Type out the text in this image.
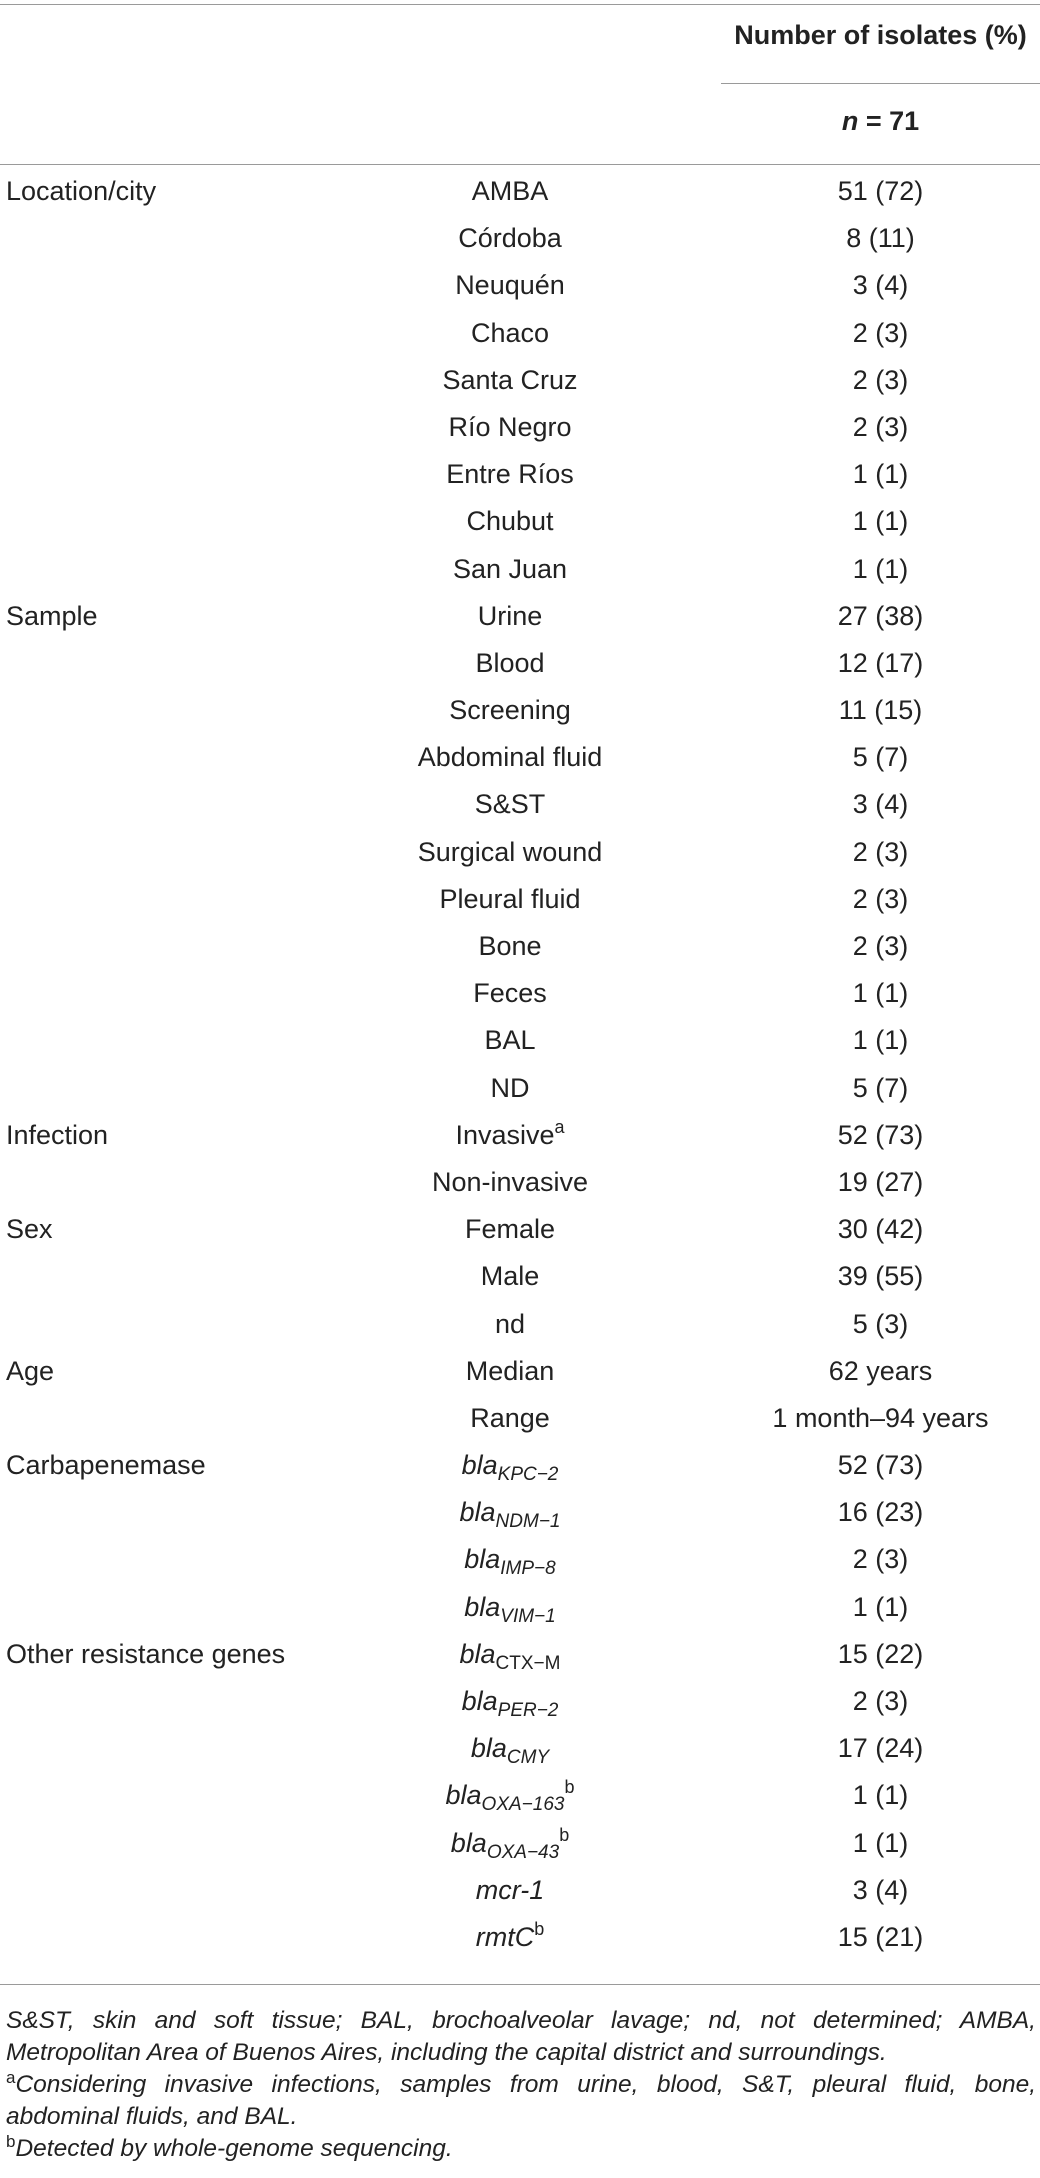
Number of isolates (%)
n = 71
Location/city	AMBA	51 (72)
Córdoba	8 (11)
Neuquén	3 (4)
Chaco	2 (3)
Santa Cruz	2 (3)
Río Negro	2 (3)
Entre Ríos	1 (1)
Chubut	1 (1)
San Juan	1 (1)
Sample	Urine	27 (38)
Blood	12 (17)
Screening	11 (15)
Abdominal fluid	5 (7)
S&ST	3 (4)
Surgical wound	2 (3)
Pleural fluid	2 (3)
Bone	2 (3)
Feces	1 (1)
BAL	1 (1)
ND	5 (7)
Infection	Invasive$^a$	52 (73)
Non-invasive	19 (27)
Sex	Female	30 (42)
Male	39 (55)
nd	5 (3)
Age	Median	62 years
Range	1 month–94 years
Carbapenemase	bla$_{KPC-2}$	52 (73)
bla$_{NDM-1}$	16 (23)
bla$_{IMP-8}$	2 (3)
bla$_{VIM-1}$	1 (1)
Other resistance genes	bla$_{CTX-M}$	15 (22)
bla$_{PER-2}$	2 (3)
bla$_{CMY}$	17 (24)
bla$_{OXA-163}^b$	1 (1)
bla$_{OXA-43}^b$	1 (1)
mcr-1	3 (4)
rmtC$^b$	15 (21)

S&ST, skin and soft tissue; BAL, brochoalveolar lavage; nd, not determined; AMBA, Metropolitan Area of Buenos Aires, including the capital district and surroundings.

$^a$Considering invasive infections, samples from urine, blood, S&T, pleural fluid, bone, abdominal fluids, and BAL.

$^b$Detected by whole-genome sequencing.
